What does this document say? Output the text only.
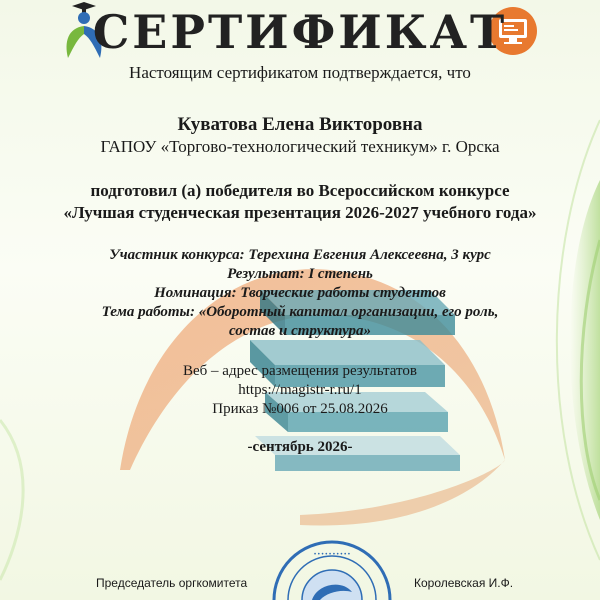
СЕРТИФИКАТ
Настоящим сертификатом подтверждается, что
Куватова Елена Викторовна
ГАПОУ «Торгово-технологический техникум» г. Орска
подготовил (а) победителя во Всероссийском конкурсе
«Лучшая студенческая презентация 2026-2027 учебного года»
Участник конкурса: Терехина Евгения Алексеевна, 3 курс
Результат: I степень
Номинация: Творческие работы студентов
Тема работы: «Оборотный капитал организации, его роль,
состав и структура»
Веб – адрес размещения результатов
https://magistr-r.ru/1
Приказ №006 от 25.08.2026
-сентябрь 2026-
• • • • • • • • • •
Председатель оргкомитета	Королевская И.Ф.
